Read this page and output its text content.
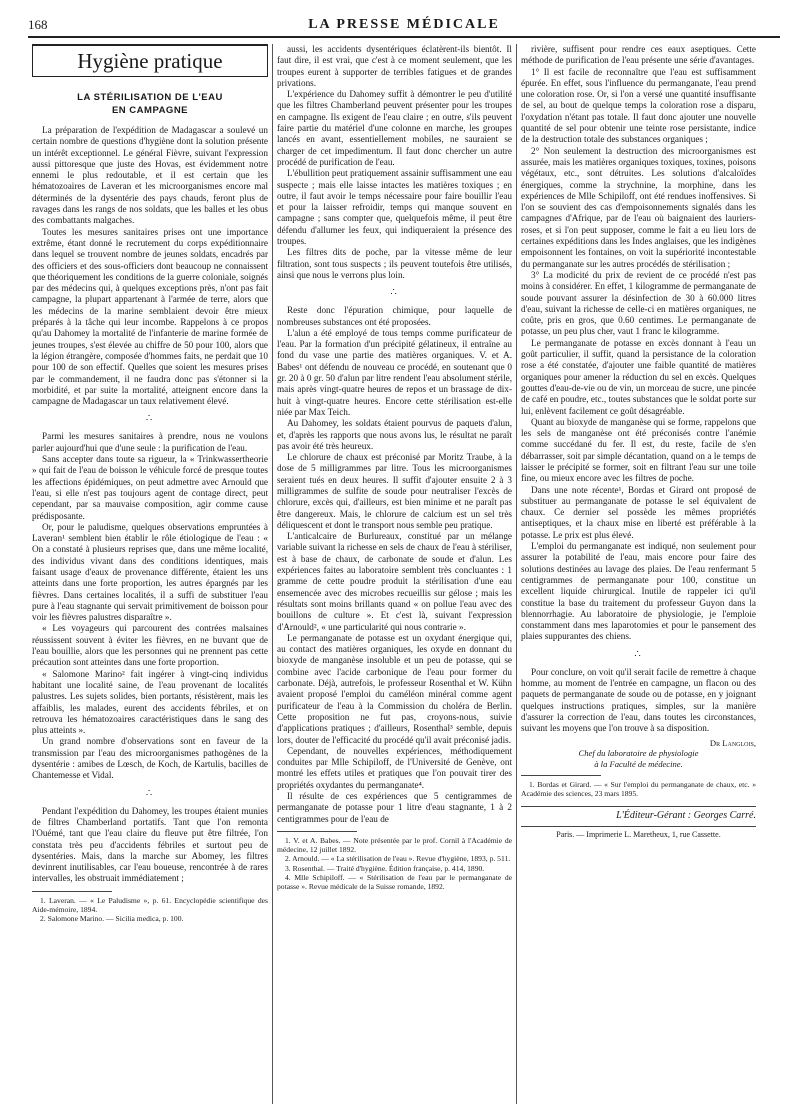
168	LA PRESSE MÉDICALE
Hygiène pratique
LA STÉRILISATION DE L'EAU
EN CAMPAGNE

La préparation de l'expédition de Madagascar a soulevé un certain nombre de questions d'hygiène dont la solution présente un intérêt exceptionnel. Le général Fièvre, suivant l'expression aussi pittoresque que juste des Hovas, est évidemment notre ennemi le plus redoutable, et il est certain que les hématozoaires de Laveran et les microorganismes encore mal déterminés de la dysentérie des pays chauds, feront plus de ravages dans les rangs de nos soldats, que les balles et les obus des combattants malgaches.

Toutes les mesures sanitaires prises ont une importance extrême, étant donné le recrutement du corps expéditionnaire dans lequel se trouvent nombre de jeunes soldats, encadrés par des officiers et des sous-officiers dont beaucoup ne connaissent que théoriquement les conditions de la guerre coloniale, soignés par des médecins qui, à quelques exceptions près, n'ont pas fait campagne, la plupart appartenant à l'armée de terre, alors que les médecins de la marine semblaient devoir être mieux préparés à la tâche qui leur incombe. Rappelons à ce propos qu'au Dahomey la mortalité de l'infanterie de marine formée de jeunes troupes, s'est élevée au chiffre de 50 pour 100, alors que la légion étrangère, composée d'hommes faits, ne perdait que 10 pour 100 de son effectif. Quelles que soient les mesures prises par le commandement, il ne faudra donc pas s'étonner si la morbidité, et par suite la mortalité, atteignent encore dans la campagne de Madagascar un taux relativement élevé.

∴

Parmi les mesures sanitaires à prendre, nous ne voulons parler aujourd'hui que d'une seule : la purification de l'eau.

Sans accepter dans toute sa rigueur, la « Trinkwassertheorie » qui fait de l'eau de boisson le véhicule forcé de presque toutes les affections épidémiques, on peut admettre avec Arnould que l'eau, si elle n'est pas toujours agent de contage direct, peut cependant, par sa mauvaise composition, agir comme cause prédisposante.

Or, pour le paludisme, quelques observations empruntées à Laveran¹ semblent bien établir le rôle étiologique de l'eau : « On a constaté à plusieurs reprises que, dans une même localité, des individus vivant dans des conditions identiques, mais faisant usage d'eaux de provenance différente, étaient les uns atteints dans une forte proportion, les autres épargnés par les fièvres. Dans certaines localités, il a suffi de substituer l'eau pure à l'eau stagnante qui servait primitivement de boisson pour voir les fièvres palustres disparaître ».

« Les voyageurs qui parcourent des contrées malsaines réussissent souvent à éviter les fièvres, en ne buvant que de l'eau bouillie, alors que les personnes qui ne prennent pas cette précaution sont atteintes dans une forte proportion.

« Salomone Marino² fait ingérer à vingt-cinq individus habitant une localité saine, de l'eau provenant de localités palustres. Les sujets solides, bien portants, résistèrent, mais les affaiblis, les malades, eurent des accidents fébriles, et on retrouva les hématozoaires caractéristiques dans le sang des plus atteints ».

Un grand nombre d'observations sont en faveur de la transmission par l'eau des microorganismes pathogènes de la dysentérie : amibes de Lœsch, de Koch, de Kartulis, bacilles de Chantemesse et Vidal.

∴

Pendant l'expédition du Dahomey, les troupes étaient munies de filtres Chamberland portatifs. Tant que l'on remonta l'Ouémé, tant que l'eau claire du fleuve put être filtrée, l'on constata très peu d'accidents fébriles et surtout peu de dysentéries. Mais, dans la marche sur Abomey, les filtres devinrent inutilisables, car l'eau boueuse, rencontrée à de rares intervalles, les obstruait immédiatement ;

1. Laveran. — « Le Paludisme », p. 61. Encyclopédie scientifique des Aide-mémoire, 1894.

2. Salomone Marino. — Sicilia medica, p. 100.

aussi, les accidents dysentériques éclatèrent-ils bientôt. Il faut dire, il est vrai, que c'est à ce moment seulement, que les troupes eurent à supporter de terribles fatigues et de grandes privations.

L'expérience du Dahomey suffit à démontrer le peu d'utilité que les filtres Chamberland peuvent présenter pour les troupes en campagne. Ils exigent de l'eau claire ; en outre, s'ils peuvent faire partie du matériel d'une colonne en marche, les groupes lancés en avant, essentiellement mobiles, ne sauraient se charger de cet impedimentum. Il faut donc chercher un autre procédé de purification de l'eau.

L'ébullition peut pratiquement assainir suffisamment une eau suspecte ; mais elle laisse intactes les matières toxiques ; en outre, il faut avoir le temps nécessaire pour faire bouillir l'eau et pour la laisser refroidir, temps qui manque souvent en campagne ; sans compter que, quelquefois même, il peut être défendu d'allumer les feux, qui indiqueraient la présence des troupes.

Les filtres dits de poche, par la vitesse même de leur filtration, sont tous suspects ; ils peuvent toutefois être utilisés, ainsi que nous le verrons plus loin.

∴

Reste donc l'épuration chimique, pour laquelle de nombreuses substances ont été proposées.

L'alun a été employé de tous temps comme purificateur de l'eau. Par la formation d'un précipité gélatineux, il entraîne au fond du vase une partie des matières organiques. V. et A. Babes¹ ont défendu de nouveau ce procédé, en soutenant que 0 gr. 20 à 0 gr. 50 d'alun par litre rendent l'eau absolument stérile, mais après vingt-quatre heures de repos et un brassage de dix-huit à vingt-quatre heures. Encore cette stérilisation est-elle niée par Max Teich.

Au Dahomey, les soldats étaient pourvus de paquets d'alun, et, d'après les rapports que nous avons lus, le résultat ne paraît pas avoir été très heureux.

Le chlorure de chaux est préconisé par Moritz Traube, à la dose de 5 milligrammes par litre. Tous les microorganismes seraient tués en deux heures. Il suffit d'ajouter ensuite 2 à 3 milligrammes de sulfite de soude pour neutraliser l'excès de chlorure, excès qui, d'ailleurs, est bien minime et ne paraît pas être dangereux. Mais, le chlorure de calcium est un sel très déliquescent et dont le transport nous semble peu pratique.

L'anticalcaire de Burlureaux, constitué par un mélange variable suivant la richesse en sels de chaux de l'eau à stériliser, est à base de chaux, de carbonate de soude et d'alun. Les expériences faites au laboratoire semblent très concluantes : 1 gramme de cette poudre produit la stérilisation d'une eau ensemencée avec des microbes recueillis sur gélose ; mais les résultats sont moins brillants quand « on pollue l'eau avec des bouillons de culture ». Et c'est là, suivant l'expression d'Arnould², « une particularité qui nous contrarie ».

Le permanganate de potasse est un oxydant énergique qui, au contact des matières organiques, les oxyde en donnant du bioxyde de manganèse insoluble et un peu de potasse, qui se combine avec l'acide carbonique de l'eau pour former du carbonate. Déjà, autrefois, le professeur Rosenthal et W. Kühn avaient proposé l'emploi du caméléon minéral comme agent purificateur de l'eau à la Commission du choléra de Berlin. Cette proposition ne fut pas, croyons-nous, suivie d'applications pratiques ; d'ailleurs, Rosenthal³ semble, depuis lors, douter de l'efficacité du procédé qu'il avait préconisé jadis.

Cependant, de nouvelles expériences, méthodiquement conduites par Mlle Schipiloff, de l'Université de Genève, ont montré les effets utiles et pratiques que l'on pouvait tirer des propriétés oxydantes du permanganate⁴.

Il résulte de ces expériences que 5 centigrammes de permanganate de potasse pour 1 litre d'eau stagnante, 1 à 2 centigrammes pour de l'eau de

1. V. et A. Babes. — Note présentée par le prof. Cornil à l'Académie de médecine, 12 juillet 1892.

2. Arnould. — « La stérilisation de l'eau ». Revue d'hygiène, 1893, p. 511.

3. Rosenthal. — Traité d'hygiène. Édition française, p. 414, 1890.

4. Mlle Schipiloff. — « Stérilisation de l'eau par le permanganate de potasse ». Revue médicale de la Suisse romande, 1892.

rivière, suffisent pour rendre ces eaux aseptiques. Cette méthode de purification de l'eau présente une série d'avantages.

1° Il est facile de reconnaître que l'eau est suffisamment épurée. En effet, sous l'influence du permanganate, l'eau prend une coloration rose. Or, si l'on a versé une quantité insuffisante de sel, au bout de quelque temps la coloration rose a disparu, l'oxydation n'étant pas totale. Il faut donc ajouter une nouvelle quantité de sel pour obtenir une teinte rose persistante, indice de la destruction totale des substances organiques ;

2° Non seulement la destruction des microorganismes est assurée, mais les matières organiques toxiques, toxines, poisons végétaux, etc., sont détruites. Les solutions d'alcaloïdes énergiques, comme la strychnine, la morphine, dans les expériences de Mlle Schipiloff, ont été rendues inoffensives. Si l'on se souvient des cas d'empoisonnements signalés dans les campagnes d'Afrique, par de l'eau où baignaient des lauriers-roses, et si l'on peut supposer, comme le fait a eu lieu lors de certaines expéditions dans les Indes anglaises, que les indigènes empoisonnent les fontaines, on voit la supériorité incontestable du permanganate sur les autres procédés de stérilisation ;

3° La modicité du prix de revient de ce procédé n'est pas moins à considérer. En effet, 1 kilogramme de permanganate de soude pouvant assurer la désinfection de 30 à 60.000 litres d'eau, suivant la richesse de celle-ci en matières organiques, ne coûte, pris en gros, que 0.60 centimes. Le permanganate de potasse, un peu plus cher, vaut 1 franc le kilogramme.

Le permanganate de potasse en excès donnant à l'eau un goût particulier, il suffit, quand la persistance de la coloration rose a été constatée, d'ajouter une faible quantité de matières organiques pour amener la réduction du sel en excès. Quelques gouttes d'eau-de-vie ou de vin, un morceau de sucre, une pincée de café en poudre, etc., toutes substances que le soldat porte sur lui, enlèvent facilement ce goût désagréable.

Quant au bioxyde de manganèse qui se forme, rappelons que les sels de manganèse ont été préconisés contre l'anémie comme succédané du fer. Il est, du reste, facile de s'en débarrasser, soit par simple décantation, quand on a le temps de laisser le précipité se former, soit en filtrant l'eau sur une toile fine, ou mieux encore avec les filtres de poche.

Dans une note récente¹, Bordas et Girard ont proposé de substituer au permanganate de potasse le sel équivalent de chaux. Ce dernier sel possède les mêmes propriétés antiseptiques, et la chaux mise en liberté est préférable à la potasse. Le prix est plus élevé.

L'emploi du permanganate est indiqué, non seulement pour assurer la potabilité de l'eau, mais encore pour faire des solutions destinées au lavage des plaies. De l'eau renfermant 5 centigrammes de permanganate pour 100, constitue un excellent liquide chirurgical. Inutile de rappeler ici qu'il constitue la base du traitement du professeur Guyon dans la blennorrhagie. Au laboratoire de physiologie, je l'emploie constamment dans mes laparotomies et pour le pansement des plaies suppurantes des chiens.

∴

Pour conclure, on voit qu'il serait facile de remettre à chaque homme, au moment de l'entrée en campagne, un flacon ou des paquets de permanganate de soude ou de potasse, en y joignant quelques instructions pratiques, simples, sur la manière d'assurer la correction de l'eau, dans toutes les circonstances, suivant les moyens que l'on trouve à sa disposition.

Dr Langlois,
Chef du laboratoire de physiologie
à la Faculté de médecine.

1. Bordas et Girard. — « Sur l'emploi du permanganate de chaux, etc. » Académie des sciences, 23 mars 1895.

L'Éditeur-Gérant : Georges Carré.
Paris. — Imprimerie L. Maretheux, 1, rue Cassette.
